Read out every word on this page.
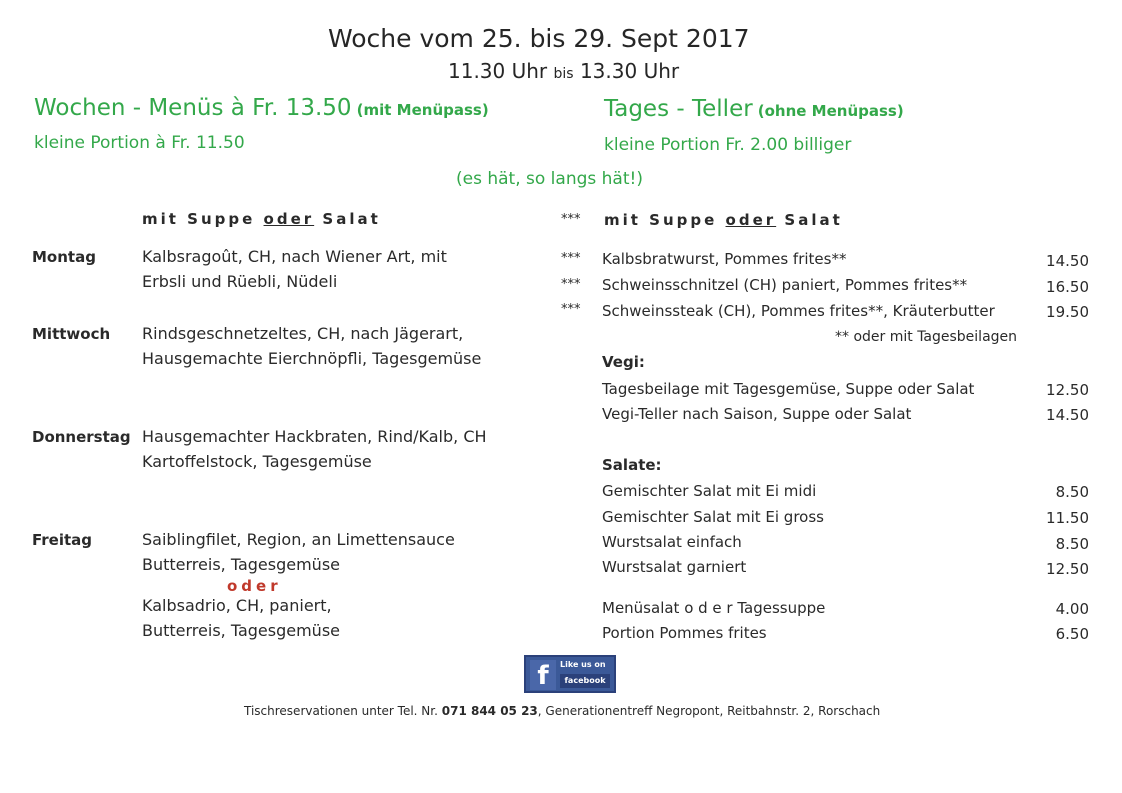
Woche vom 25. bis 29. Sept 2017
11.30 Uhr bis 13.30 Uhr
Wochen - Menüs à Fr. 13.50 (mit Menüpass)
kleine Portion à Fr. 11.50
Tages - Teller (ohne Menüpass)
kleine Portion Fr. 2.00 billiger
(es hät, so langs hät!)
mit Suppe oder Salat
Montag	Kalbsragoût, CH, nach Wiener Art, mit
Erbsli und Rüebli, Nüdeli
Mittwoch Rindsgeschnetzeltes, CH, nach Jägerart,
Hausgemachte Eierchnöpfli, Tagesgemüse
Donnerstag Hausgemachter Hackbraten, Rind/Kalb, CH
Kartoffelstock, Tagesgemüse
Freitag	Saiblingfilet, Region, an Limettensauce
Butterreis, Tagesgemüse
oder
Kalbsadrio, CH, paniert,
Butterreis, Tagesgemüse
*** mit Suppe oder Salat
*** Kalbsbratwurst, Pommes frites**	14.50
*** Schweinsschnitzel (CH) paniert, Pommes frites**	16.50
*** Schweinssteak (CH), Pommes frites**, Kräuterbutter	19.50
** oder mit Tagesbeilagen
Vegi:
Tagesbeilage mit Tagesgemüse, Suppe oder Salat	12.50
Vegi-Teller nach Saison, Suppe oder Salat	14.50
Salate:
Gemischter Salat mit Ei midi	8.50
Gemischter Salat mit Ei gross	11.50
Wurstsalat einfach	8.50
Wurstsalat garniert	12.50
Menüsalat o d e r Tagessuppe	4.00
Portion Pommes frites	6.50
f	Like us on
facebook
Tischreservationen unter Tel. Nr. 071 844 05 23, Generationentreff Negropont, Reitbahnstr. 2, Rorschach
